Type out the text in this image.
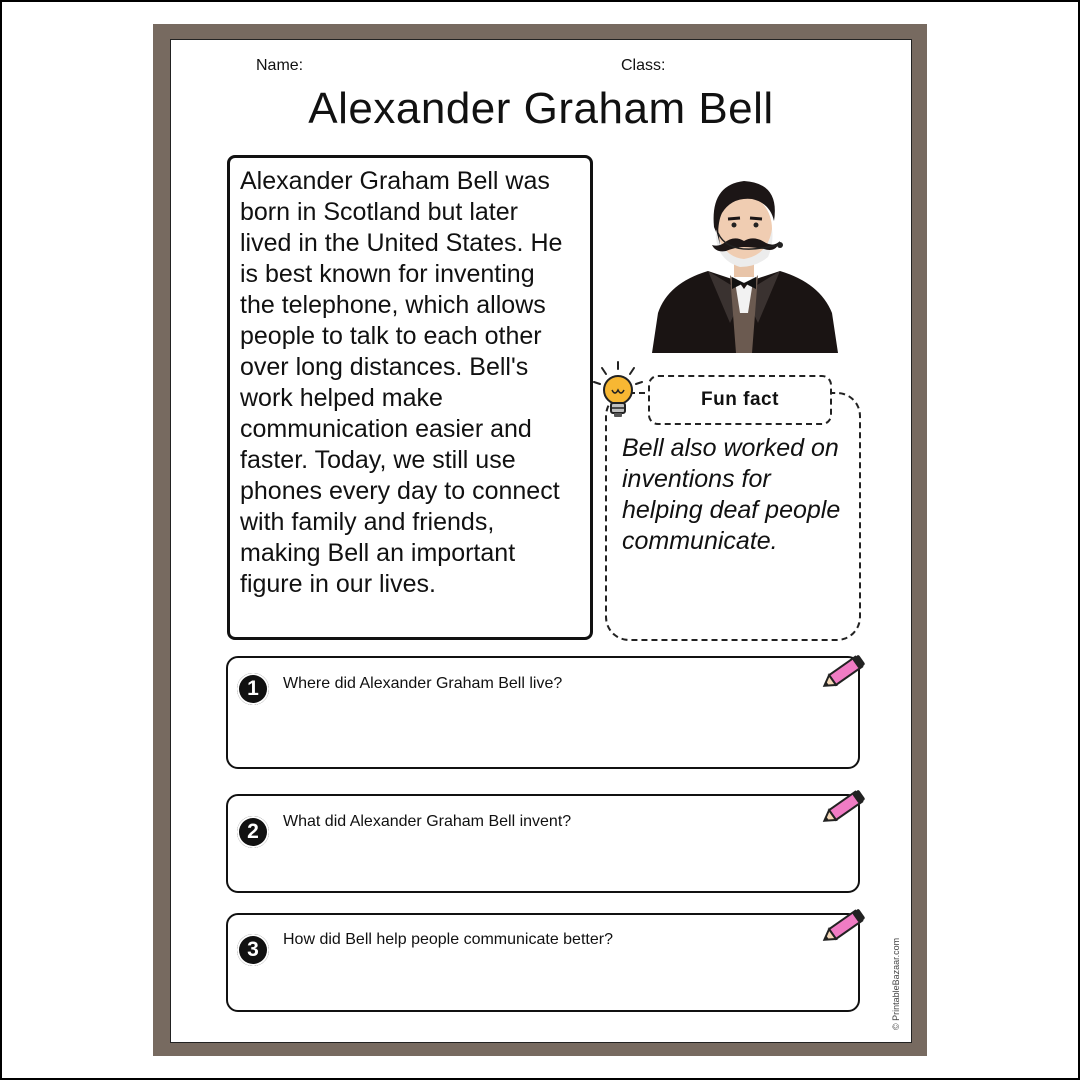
Name:	Class:
Alexander Graham Bell
Alexander Graham Bell was
born in Scotland but later
lived in the United States. He
is best known for inventing
the telephone, which allows
people to talk to each other
over long distances. Bell's
work helped make
communication easier and
faster. Today, we still use
phones every day to connect
with family and friends,
making Bell an important
figure in our lives.
Fun fact
Bell also worked on
inventions for
helping deaf people
communicate.
1	Where did Alexander Graham Bell live?
2	What did Alexander Graham Bell invent?
3	How did Bell help people communicate better?	© PrintableBazaar.com
